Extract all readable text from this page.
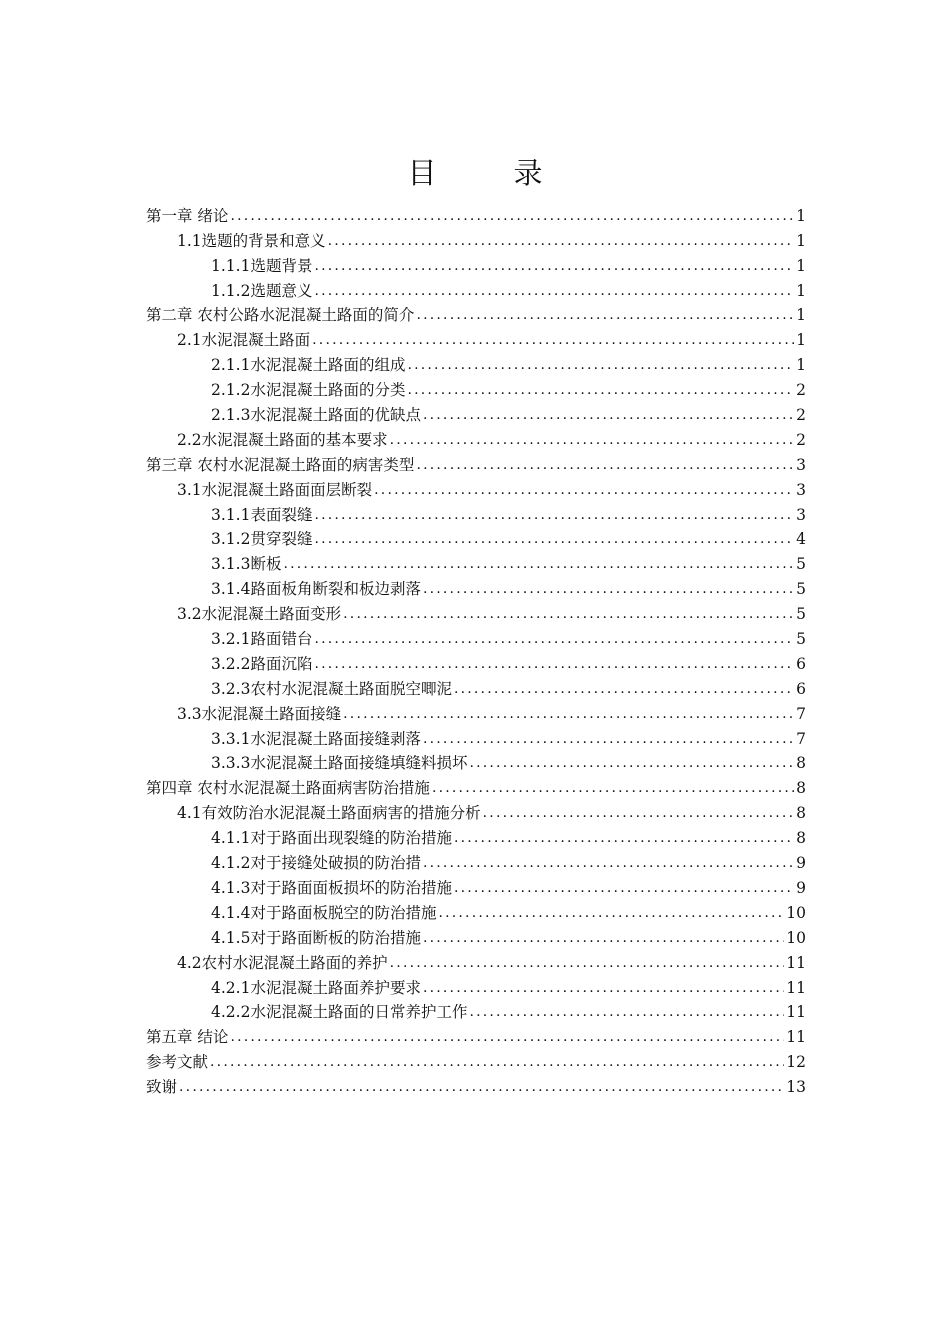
目　录
第一章 绪论 .....	1
1.1选题的背景和意义 .....	1
1.1.1选题背景 .....	1
1.1.2选题意义 .....	1
第二章 农村公路水泥混凝土路面的简介 .....	1
2.1水泥混凝土路面 .....	1
2.1.1水泥混凝土路面的组成 .....	1
2.1.2水泥混凝土路面的分类 .....	2
2.1.3水泥混凝土路面的优缺点 .....	2
2.2水泥混凝土路面的基本要求 .....	2
第三章 农村水泥混凝土路面的病害类型 .....	3
3.1水泥混凝土路面面层断裂 .....	3
3.1.1表面裂缝 .....	3
3.1.2贯穿裂缝 .....	4
3.1.3断板 .....	5
3.1.4路面板角断裂和板边剥落 .....	5
3.2水泥混凝土路面变形 .....	5
3.2.1路面错台 .....	5
3.2.2路面沉陷 .....	6
3.2.3农村水泥混凝土路面脱空唧泥 .....	6
3.3水泥混凝土路面接缝 .....	7
3.3.1水泥混凝土路面接缝剥落 .....	7
3.3.3水泥混凝土路面接缝填缝料损坏 .....	8
第四章 农村水泥混凝土路面病害防治措施 .....	8
4.1有效防治水泥混凝土路面病害的措施分析 .....	8
4.1.1对于路面出现裂缝的防治措施 .....	8
4.1.2对于接缝处破损的防治措 .....	9
4.1.3对于路面面板损坏的防治措施 .....	9
4.1.4对于路面板脱空的防治措施 .....	10
4.1.5对于路面断板的防治措施 .....	10
4.2农村水泥混凝土路面的养护 .....	11
4.2.1水泥混凝土路面养护要求 .....	11
4.2.2水泥混凝土路面的日常养护工作 .....	11
第五章 结论 .....	11
参考文献 .....	12
致谢 .....	13
